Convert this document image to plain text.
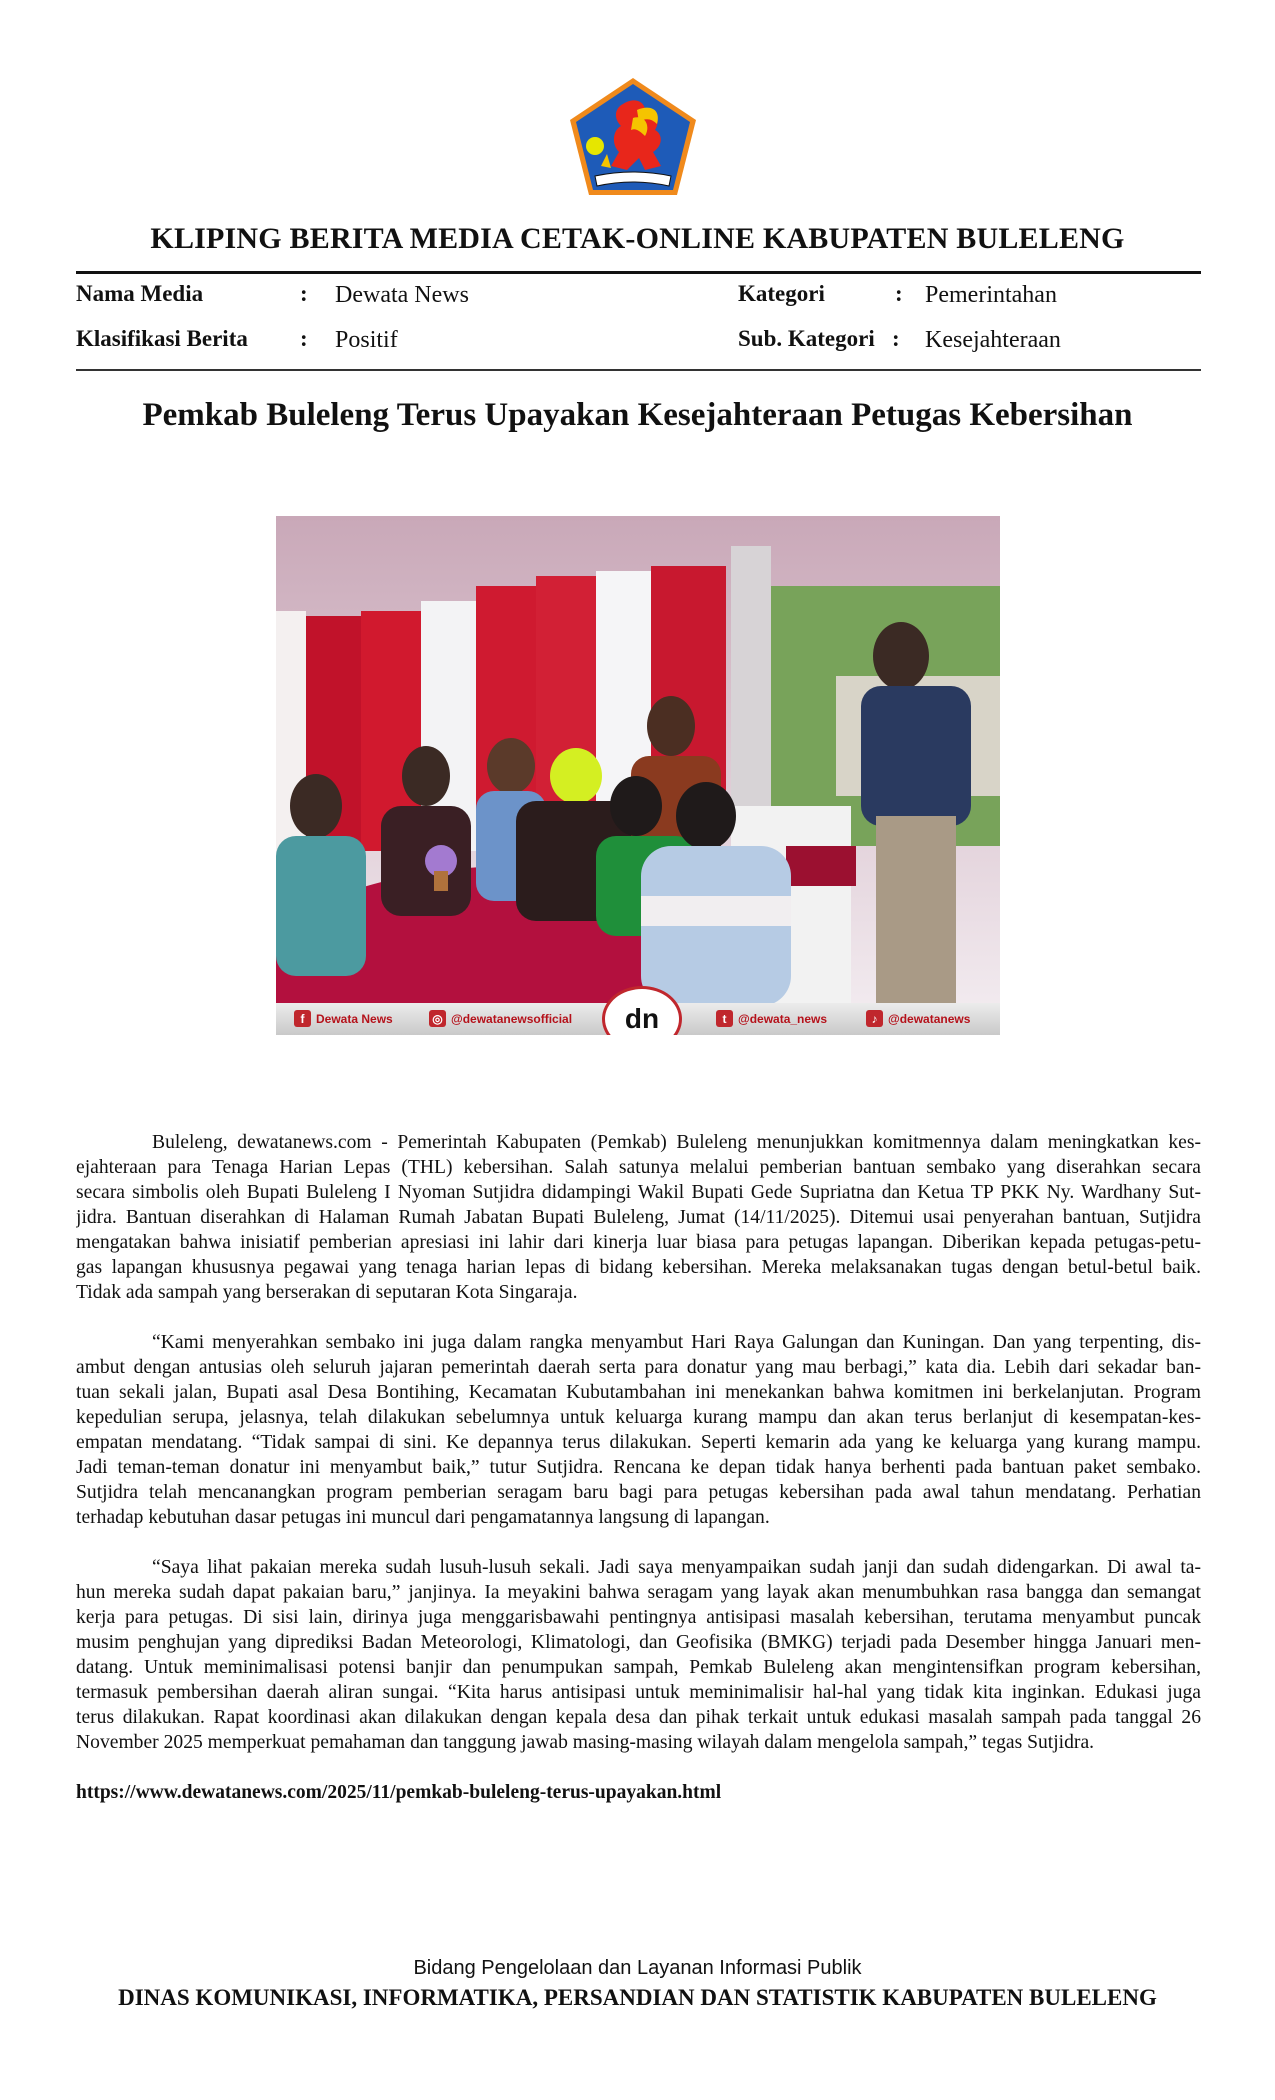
KLIPING BERITA MEDIA CETAK-ONLINE KABUPATEN BULELENG
Nama Media	: Dewata News
Klasifikasi Berita : Positif
Kategori	: Pemerintahan
Sub. Kategori : Kesejahteraan
Pemkab Buleleng Terus Upayakan Kesejahteraan Petugas Kebersihan
f Dewata News	◎ @dewatanewsofficial dn	t @dewata_news	♪ @dewatanews
Buleleng, dewatanews.com - Pemerintah Kabupaten (Pemkab) Buleleng menunjukkan komitmennya dalam meningkatkan kes-
ejahteraan para Tenaga Harian Lepas (THL) kebersihan. Salah satunya melalui pemberian bantuan sembako yang diserahkan secara
secara simbolis oleh Bupati Buleleng I Nyoman Sutjidra didampingi Wakil Bupati Gede Supriatna dan Ketua TP PKK Ny. Wardhany Sut-
jidra. Bantuan diserahkan di Halaman Rumah Jabatan Bupati Buleleng, Jumat (14/11/2025). Ditemui usai penyerahan bantuan, Sutjidra
mengatakan bahwa inisiatif pemberian apresiasi ini lahir dari kinerja luar biasa para petugas lapangan. Diberikan kepada petugas-petu-
gas lapangan khususnya pegawai yang tenaga harian lepas di bidang kebersihan. Mereka melaksanakan tugas dengan betul-betul baik.
Tidak ada sampah yang berserakan di seputaran Kota Singaraja.
“Kami menyerahkan sembako ini juga dalam rangka menyambut Hari Raya Galungan dan Kuningan. Dan yang terpenting, dis-
ambut dengan antusias oleh seluruh jajaran pemerintah daerah serta para donatur yang mau berbagi,” kata dia. Lebih dari sekadar ban-
tuan sekali jalan, Bupati asal Desa Bontihing, Kecamatan Kubutambahan ini menekankan bahwa komitmen ini berkelanjutan. Program
kepedulian serupa, jelasnya, telah dilakukan sebelumnya untuk keluarga kurang mampu dan akan terus berlanjut di kesempatan-kes-
empatan mendatang. “Tidak sampai di sini. Ke depannya terus dilakukan. Seperti kemarin ada yang ke keluarga yang kurang mampu.
Jadi teman-teman donatur ini menyambut baik,” tutur Sutjidra. Rencana ke depan tidak hanya berhenti pada bantuan paket sembako.
Sutjidra telah mencanangkan program pemberian seragam baru bagi para petugas kebersihan pada awal tahun mendatang. Perhatian
terhadap kebutuhan dasar petugas ini muncul dari pengamatannya langsung di lapangan.
“Saya lihat pakaian mereka sudah lusuh-lusuh sekali. Jadi saya menyampaikan sudah janji dan sudah didengarkan. Di awal ta-
hun mereka sudah dapat pakaian baru,” janjinya. Ia meyakini bahwa seragam yang layak akan menumbuhkan rasa bangga dan semangat
kerja para petugas. Di sisi lain, dirinya juga menggarisbawahi pentingnya antisipasi masalah kebersihan, terutama menyambut puncak
musim penghujan yang diprediksi Badan Meteorologi, Klimatologi, dan Geofisika (BMKG) terjadi pada Desember hingga Januari men-
datang. Untuk meminimalisasi potensi banjir dan penumpukan sampah, Pemkab Buleleng akan mengintensifkan program kebersihan,
termasuk pembersihan daerah aliran sungai. “Kita harus antisipasi untuk meminimalisir hal-hal yang tidak kita inginkan. Edukasi juga
terus dilakukan. Rapat koordinasi akan dilakukan dengan kepala desa dan pihak terkait untuk edukasi masalah sampah pada tanggal 26
November 2025 memperkuat pemahaman dan tanggung jawab masing-masing wilayah dalam mengelola sampah,” tegas Sutjidra.
https://www.dewatanews.com/2025/11/pemkab-buleleng-terus-upayakan.html
Bidang Pengelolaan dan Layanan Informasi Publik
DINAS KOMUNIKASI, INFORMATIKA, PERSANDIAN DAN STATISTIK KABUPATEN BULELENG
